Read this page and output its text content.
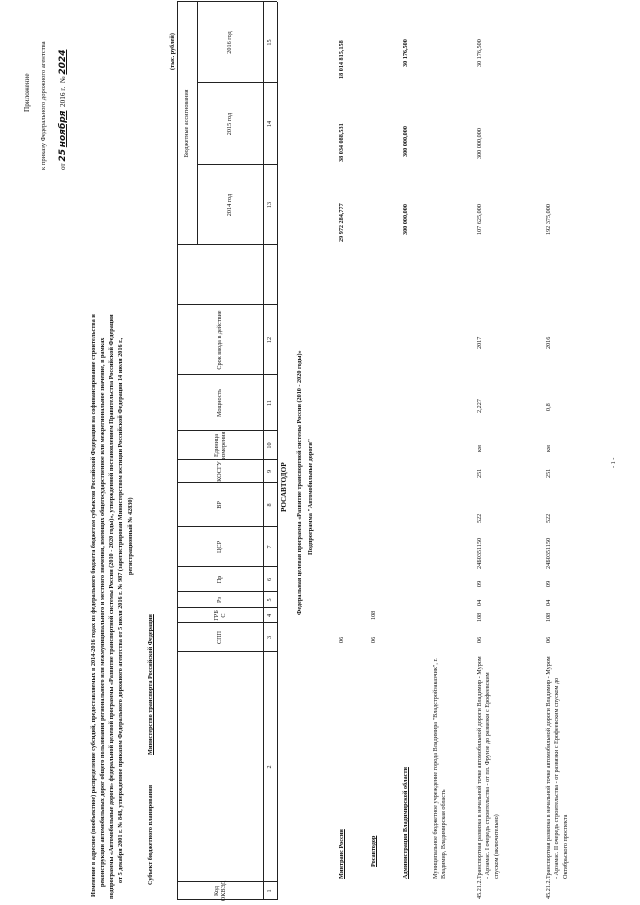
Приложение к приказу Федерального дорожного агентства от 25 ноября  2016 г.  № 2024
Изменение в адресное (пообъектное) распределение субсидий, предоставляемых в 2014-2016 годах из федерального бюджета бюджетам субъектов Российской Федерации на софинансирование строительства и реконструкции автомобильных дорог общего пользования регионального или межмуниципального и местного значения, имеющих общегосударственное или межрегиональное значение, в рамках подпрограммы «Автомобильные дороги» федеральной целевой программы «Развитие транспортной системы России (2010 - 2020 годы)», утвержденной постановлением Правительства Российской Федерации от 5 декабря 2001 г. № 848, утвержденное приказом Федерального дорожного агентства от 5 июля 2016 г. № 987 (зарегистрирован Министерством юстиции Российской Федерации 14 июля 2016 г., регистрационный № 42830)
Субъект бюджетного планирования
Министерство транспорта Российской Федерации
(тыс. рублей)
Код ОКВЭД
СПП
ГРБ С
Рз
Пр
ЦСР
ВР
КОСГУ
Единица измерения
Мощность
Срок ввода в действие
Бюджетные ассигнования
2014 год
2015 год
2016 год
1
2
3
4
5
6
7
8
9
10
11
12
13
14
15
РОСАВТОДОР Федеральная целевая программа «Развитие транспортной системы России (2010 - 2020 годы)» Подпрограмма "Автомобильные дороги"
Минтранс России
06
29 972 284,777
38 034 088,531
18 014 815,158
Росавтодор
06
108
Администрация Владимирской области
300 000,000
300 000,000
30 176,500
Муниципальное бюджетное учреждение города Владимира "Владстройзаказчик", г. Владимир, Владимирская область
45.21.2.
Транспортная развязка в начальной точке автомобильной дороги Владимир - Муром - Арзамас. I очередь строительства - от пл. Фрунзе до развязки с Ерофеевским спуском (включительно)
06
108
04
09
24Б0351150
522
251
км
2,227
2017
107 625,000
300 000,000
30 176,500
45.21.2.
Транспортная развязка в начальной точке автомобильной дороги Владимир - Муром - Арзамас. II очередь строительства - от развязки с Ерофеевским спуском до Октябрьского проспекта
06
108
04
09
24Б0351150
522
251
км
0,8
2016
192 375,000
- 1 -
